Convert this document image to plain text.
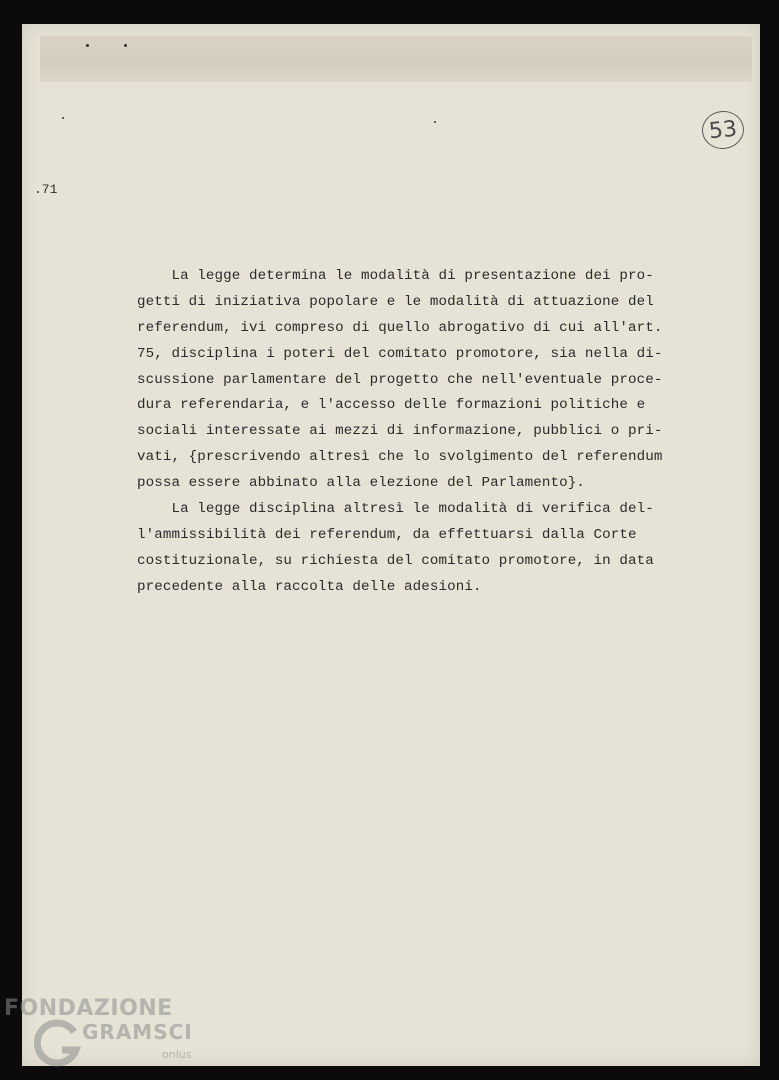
53
.71
La legge determina le modalità di presentazione dei pro-
getti di iniziativa popolare e le modalità di attuazione del
referendum, ivi compreso di quello abrogativo di cui all'art.
75, disciplina i poteri del comitato promotore, sia nella di-
scussione parlamentare del progetto che nell'eventuale proce-
dura referendaria, e l'accesso delle formazioni politiche e
sociali interessate ai mezzi di informazione, pubblici o pri-
vati, {prescrivendo altresì che lo svolgimento del referendum
possa essere abbinato alla elezione del Parlamento}.
La legge disciplina altresì le modalità di verifica del-
l'ammissibilità dei referendum, da effettuarsi dalla Corte
costituzionale, su richiesta del comitato promotore, in data
precedente alla raccolta delle adesioni.
FONDAZIONE
GRAMSCI
onlus
